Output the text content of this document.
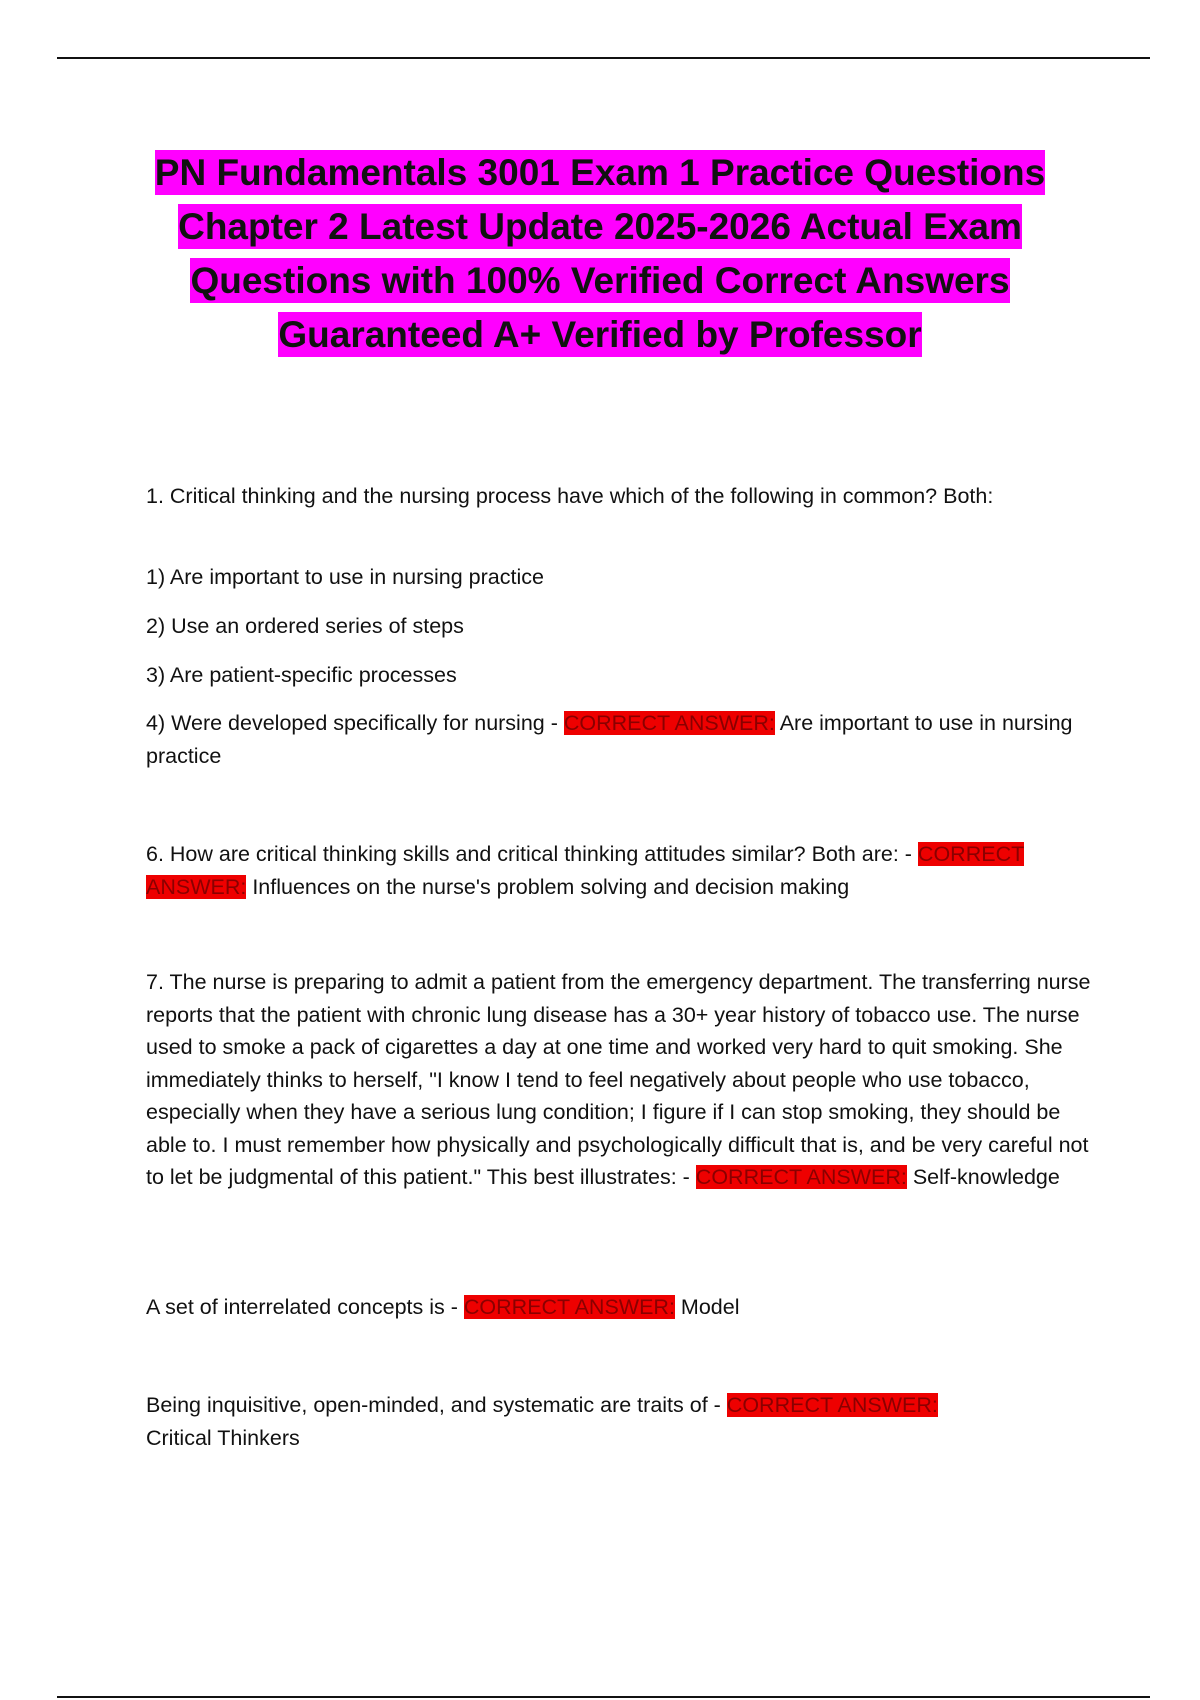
PN Fundamentals 3001 Exam 1 Practice Questions Chapter 2 Latest Update 2025-2026 Actual Exam Questions with 100% Verified Correct Answers Guaranteed A+ Verified by Professor
1. Critical thinking and the nursing process have which of the following in common? Both:
1) Are important to use in nursing practice
2) Use an ordered series of steps
3) Are patient-specific processes
4) Were developed specifically for nursing - CORRECT ANSWER: Are important to use in nursing practice
6. How are critical thinking skills and critical thinking attitudes similar? Both are: - CORRECT ANSWER: Influences on the nurse's problem solving and decision making
7. The nurse is preparing to admit a patient from the emergency department. The transferring nurse reports that the patient with chronic lung disease has a 30+ year history of tobacco use. The nurse used to smoke a pack of cigarettes a day at one time and worked very hard to quit smoking. She immediately thinks to herself, "I know I tend to feel negatively about people who use tobacco, especially when they have a serious lung condition; I figure if I can stop smoking, they should be able to. I must remember how physically and psychologically difficult that is, and be very careful not to let be judgmental of this patient." This best illustrates: - CORRECT ANSWER: Self-knowledge
A set of interrelated concepts is - CORRECT ANSWER: Model
Being inquisitive, open-minded, and systematic are traits of - CORRECT ANSWER:
Critical Thinkers
